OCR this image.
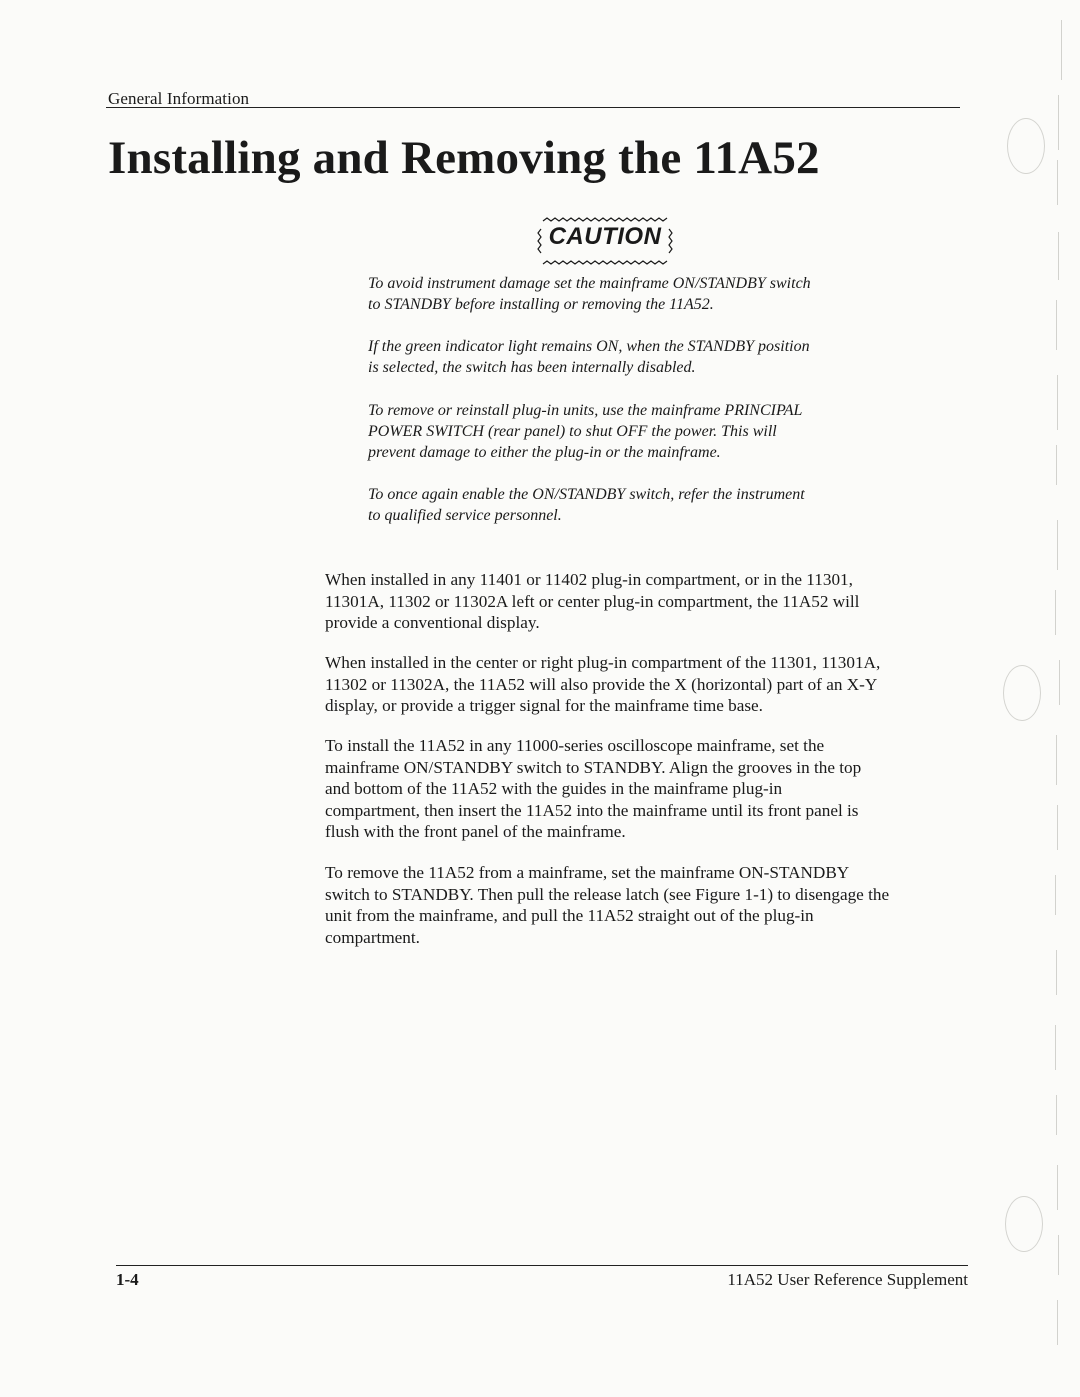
General Information
Installing and Removing the 11A52
CAUTION

To avoid instrument damage set the mainframe ON/STANDBY switch
to STANDBY before installing or removing the 11A52.

If the green indicator light remains ON, when the STANDBY position
is selected, the switch has been internally disabled.

To remove or reinstall plug-in units, use the mainframe PRINCIPAL
POWER SWITCH (rear panel) to shut OFF the power. This will
prevent damage to either the plug-in or the mainframe.

To once again enable the ON/STANDBY switch, refer the instrument
to qualified service personnel.

When installed in any 11401 or 11402 plug-in compartment, or in the 11301,
11301A, 11302 or 11302A left or center plug-in compartment, the 11A52 will
provide a conventional display.

When installed in the center or right plug-in compartment of the 11301, 11301A,
11302 or 11302A, the 11A52 will also provide the X (horizontal) part of an X-Y
display, or provide a trigger signal for the mainframe time base.

To install the 11A52 in any 11000-series oscilloscope mainframe, set the
mainframe ON/STANDBY switch to STANDBY. Align the grooves in the top
and bottom of the 11A52 with the guides in the mainframe plug-in
compartment, then insert the 11A52 into the mainframe until its front panel is
flush with the front panel of the mainframe.

To remove the 11A52 from a mainframe, set the mainframe ON-STANDBY
switch to STANDBY. Then pull the release latch (see Figure 1-1) to disengage the
unit from the mainframe, and pull the 11A52 straight out of the plug-in
compartment.

1-4	11A52 User Reference Supplement
